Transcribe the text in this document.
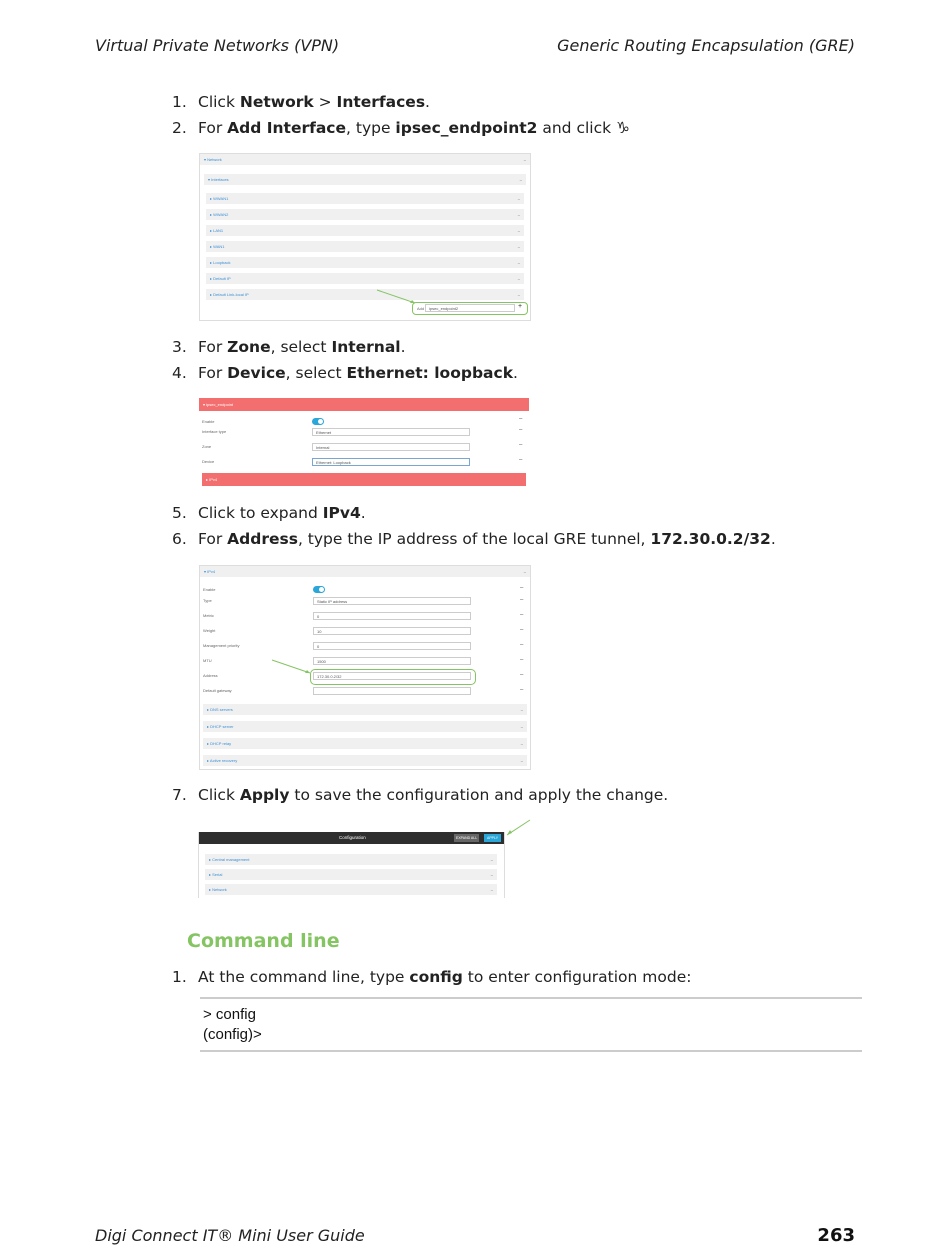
Virtual Private Networks (VPN)	Generic Routing Encapsulation (GRE)
1. Click Network > Interfaces.
2. For Add Interface, type ipsec_endpoint2 and click ♑
▾ Network	–
▾ Interfaces	–
▸ WWAN1	–
▸ WWAN2	–
▸ LAN1	–
▸ WAN1	–
▸ Loopback	–
▸ Default IP	–
▸ Default Link-local IP	–
Add	ipsec_endpoint2	+
3. For Zone, select Internal.
4. For Device, select Ethernet: loopback.
▾ ipsec_endpoint
Enable	–
Interface type	Ethernet	–
Zone	Internal	–
Device	Ethernet: Loopback	–
▸ IPv4
5. Click to expand IPv4.
6. For Address, type the IP address of the local GRE tunnel, 172.30.0.2/32.
▾ IPv4	–
Enable	–
Type	Static IP address	–
Metric	0	–
Weight	10	–
Management priority	0	–
MTU	1500	–
Address	172.30.0.2/32	–
Default gateway	–
▸ DNS servers	–
▸ DHCP server	–
▸ DHCP relay	–
▸ Active recovery	–
7. Click Apply to save the configuration and apply the change.
Configuration	EXPAND ALL	APPLY
▸ Central management	–
▸ Serial	–
▸ Network	–
Command line
1. At the command line, type config to enter configuration mode:
> config
(config)>
Digi Connect IT® Mini User Guide	263
